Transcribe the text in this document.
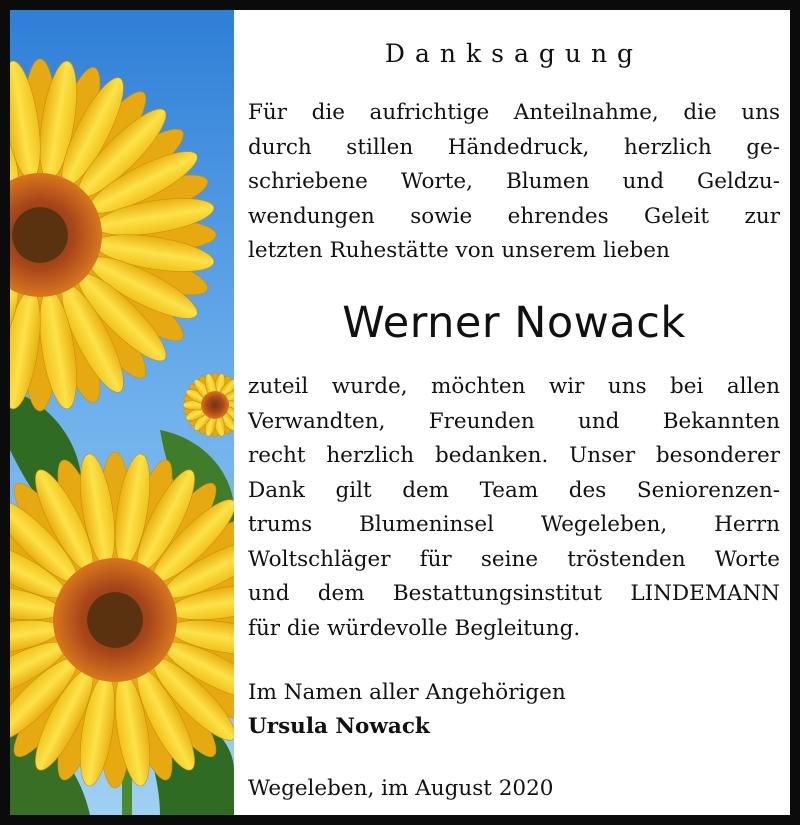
Danksagung

Für die aufrichtige Anteilnahme, die uns
durch stillen Händedruck, herzlich ge-
schriebene Worte, Blumen und Geldzu-
wendungen sowie ehrendes Geleit zur
letzten Ruhestätte von unserem lieben

Werner Nowack

zuteil wurde, möchten wir uns bei allen
Verwandten, Freunden und Bekannten
recht herzlich bedanken. Unser besonderer
Dank gilt dem Team des Seniorenzen-
trums Blumeninsel Wegeleben, Herrn
Woltschläger für seine tröstenden Worte
und dem Bestattungsinstitut LINDEMANN
für die würdevolle Begleitung.

Im Namen aller Angehörigen
Ursula Nowack
Wegeleben, im August 2020
